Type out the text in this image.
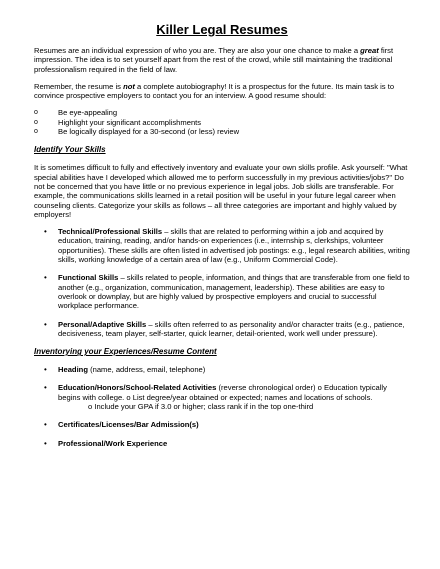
Killer Legal Resumes

Resumes are an individual expression of who you are. They are also your one chance to make a great first impression. The idea is to set yourself apart from the rest of the crowd, while still maintaining the traditional professionalism required in the field of law.

Remember, the resume is not a complete autobiography! It is a prospectus for the future. Its main task is to convince prospective employers to contact you for an interview. A good resume should:

o Be eye-appealing
o Highlight your significant accomplishments
o Be logically displayed for a 30-second (or less) review
Identify Your Skills

It is sometimes difficult to fully and effectively inventory and evaluate your own skills profile. Ask yourself: "What special abilities have I developed which allowed me to perform successfully in my previous activities/jobs?" Do not be concerned that you have little or no previous experience in legal jobs. Job skills are transferable. For example, the communications skills learned in a retail position will be useful in your future legal career when counseling clients. Categorize your skills as follows – all three categories are important and highly valued by employers!

• Technical/Professional Skills – skills that are related to performing within a job and acquired by education, training, reading, and/or hands-on experiences (i.e., internship s, clerkships, volunteer opportunities). These skills are often listed in advertised job postings: e.g., legal research abilities, writing skills, working knowledge of a certain area of law (e.g., Uniform Commercial Code).
• Functional Skills – skills related to people, information, and things that are transferable from one field to another (e.g., organization, communication, management, leadership). These abilities are easy to overlook or downplay, but are highly valued by prospective employers and crucial to successful workplace performance.
• Personal/Adaptive Skills – skills often referred to as personality and/or character traits (e.g., patience, decisiveness, team player, self-starter, quick learner, detail-oriented, work well under pressure).
Inventorying your Experiences/Resume Content
• Heading (name, address, email, telephone)
• Education/Honors/School-Related Activities (reverse chronological order) o Education typically begins with college. o List degree/year obtained or expected; names and locations of schools.
o Include your GPA if 3.0 or higher; class rank if in the top one-third
• Certificates/Licenses/Bar Admission(s)
• Professional/Work Experience
